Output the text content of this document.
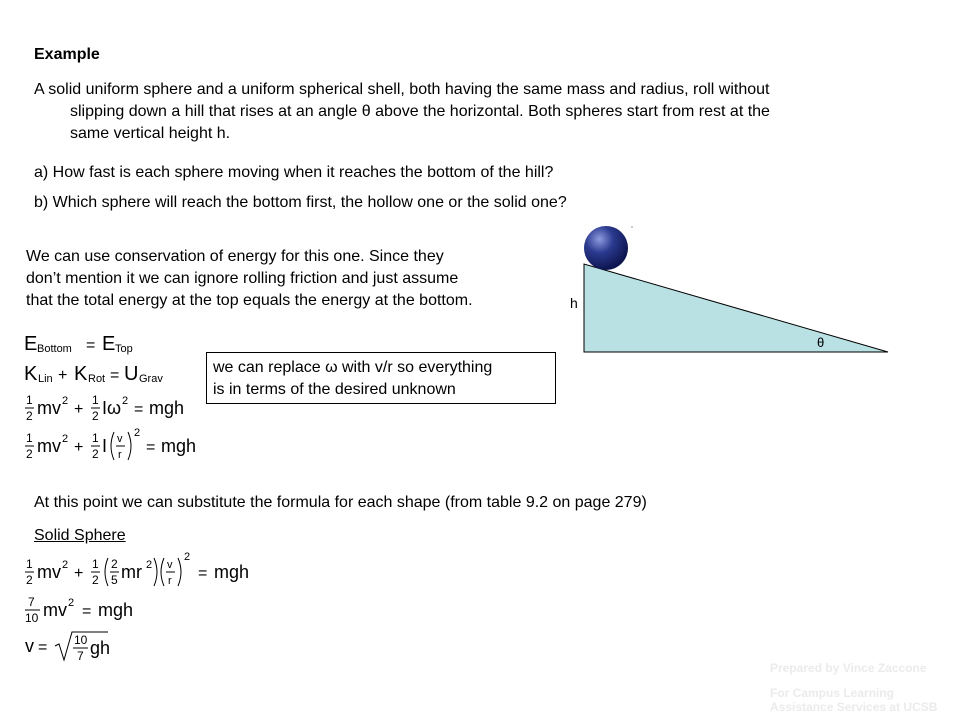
Example
A solid uniform sphere and a uniform spherical shell, both having the same mass and radius, roll without
slipping down a hill that rises at an angle θ above the horizontal. Both spheres start from rest at the
same vertical height h.
a) How fast is each sphere moving when it reaches the bottom of the hill?
b) Which sphere will reach the bottom first, the hollow one or the solid one?
We can use conservation of energy for this one. Since they
don’t mention it we can ignore rolling friction and just assume
that the total energy at the top equals the energy at the bottom.	h
θ
E Bottom = E Top
K Lin + K Rot = U Grav
1
2 mv 2 +
1
2 Iω 2 = mgh
1
2 mv 2 +
1
2 I v
r
2
= mgh
we can replace ω with v/r so everything
is in terms of the desired unknown
At this point we can substitute the formula for each shape (from table 9.2 on page 279)
Solid Sphere
1
2 mv 2 +
1
2
2
5 mr 2 v
r
2
= mgh
7
10 mv 2 = mgh
v = 10
7 gh
Prepared by Vince Zaccone
For Campus Learning
Assistance Services at UCSB
